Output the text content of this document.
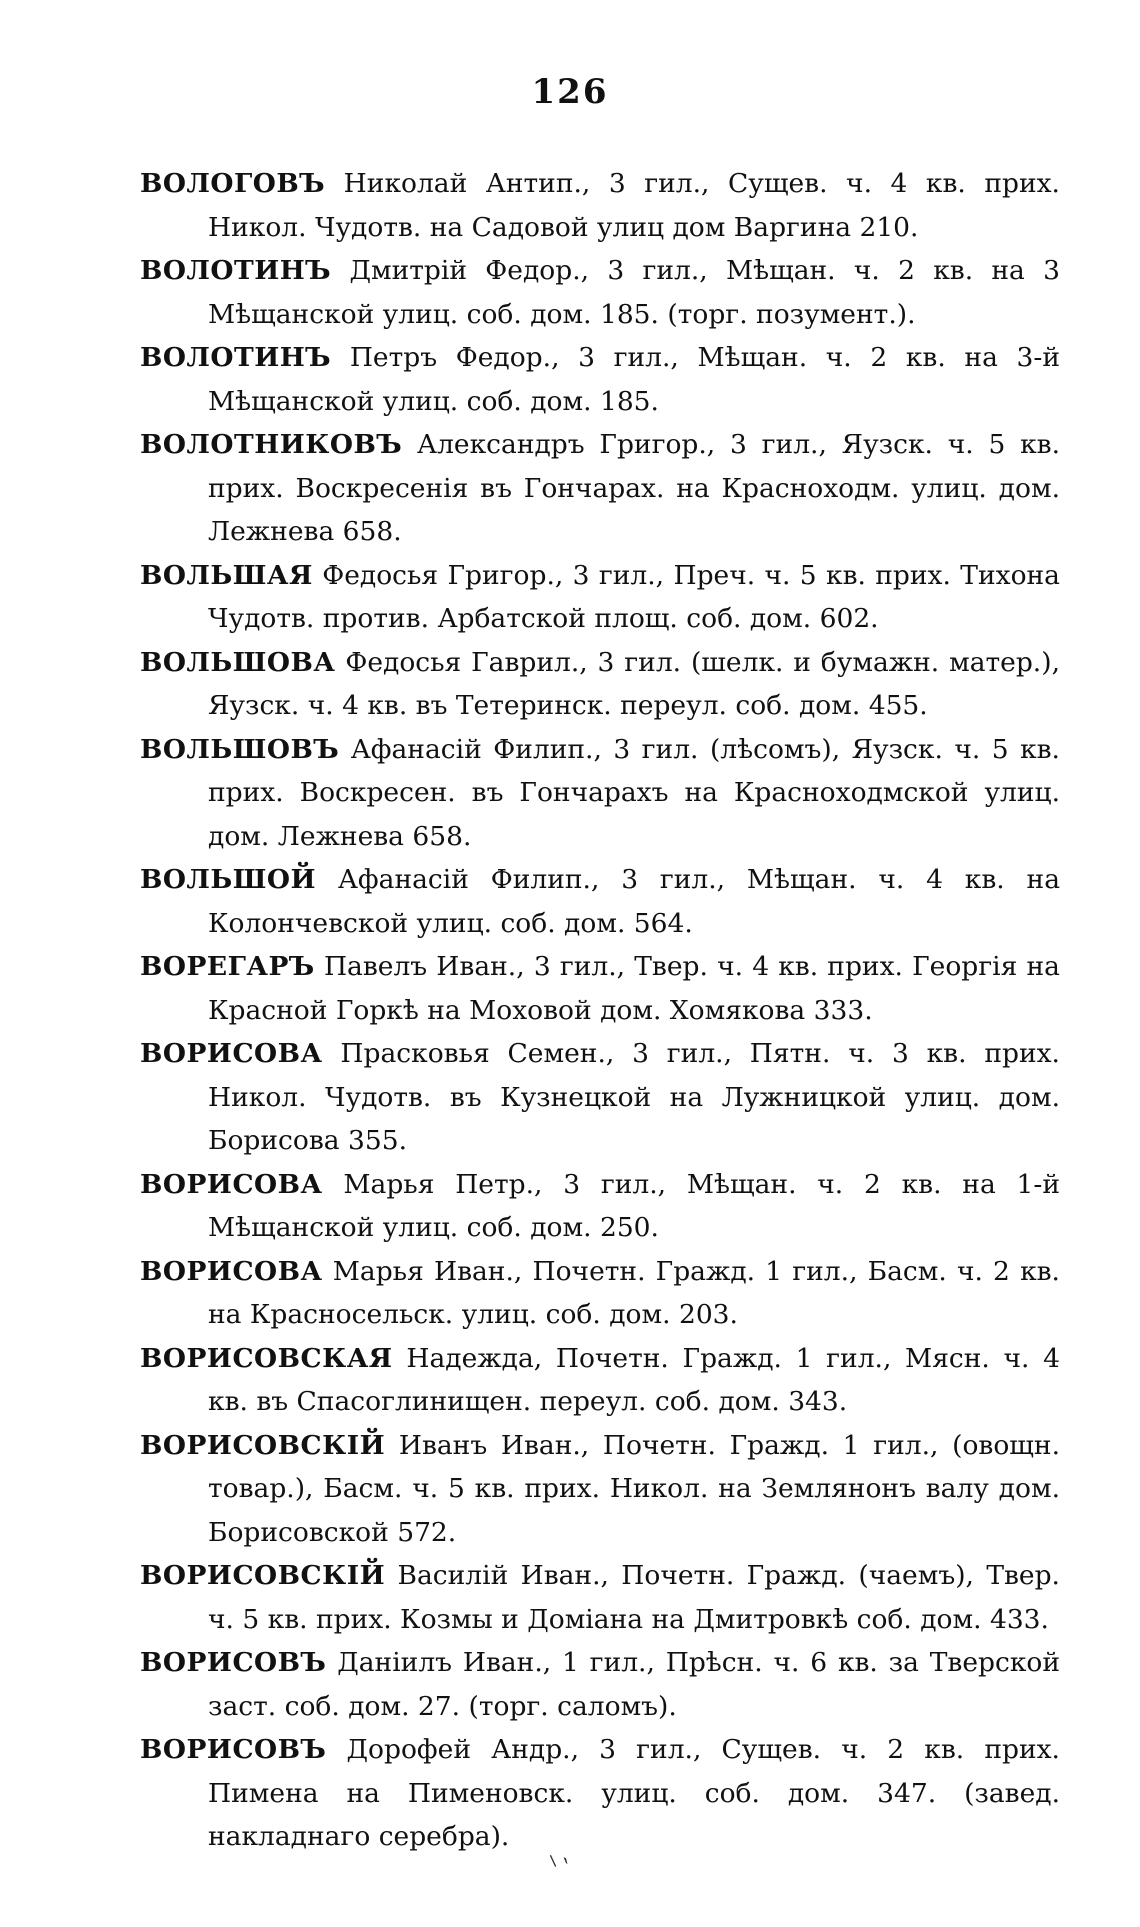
126

ВОЛОГОВЪ Николай Антип., 3 гил., Сущев. ч. 4 кв. прих. Никол. Чудотв. на Садовой улиц дом Варгина 210.

ВОЛОТИНЪ Дмитрій Федор., 3 гил., Мѣщан. ч. 2 кв. на 3 Мѣщанской улиц. соб. дом. 185. (торг. позумент.).

ВОЛОТИНЪ Петръ Федор., 3 гил., Мѣщан. ч. 2 кв. на 3-й Мѣщанской улиц. соб. дом. 185.

ВОЛОТНИКОВЪ Александръ Григор., 3 гил., Яузск. ч. 5 кв. прих. Воскресенія въ Гончарах. на Красноходм. улиц. дом. Лежнева 658.

ВОЛЬШАЯ Федосья Григор., 3 гил., Преч. ч. 5 кв. прих. Тихона Чудотв. против. Арбатской площ. соб. дом. 602.

ВОЛЬШОВА Федосья Гаврил., 3 гил. (шелк. и бумажн. матер.), Яузск. ч. 4 кв. въ Тетеринск. переул. соб. дом. 455.

ВОЛЬШОВЪ Афанасій Филип., 3 гил. (лѣсомъ), Яузск. ч. 5 кв. прих. Воскресен. въ Гончарахъ на Красноходмской улиц. дом. Лежнева 658.

ВОЛЬШОЙ Афанасій Филип., 3 гил., Мѣщан. ч. 4 кв. на Колончевской улиц. соб. дом. 564.

ВОРЕГАРЪ Павелъ Иван., 3 гил., Твер. ч. 4 кв. прих. Георгія на Красной Горкѣ на Моховой дом. Хомякова 333.

ВОРИСОВА Прасковья Семен., 3 гил., Пятн. ч. 3 кв. прих. Никол. Чудотв. въ Кузнецкой на Лужницкой улиц. дом. Борисова 355.

ВОРИСОВА Марья Петр., 3 гил., Мѣщан. ч. 2 кв. на 1-й Мѣщанской улиц. соб. дом. 250.

ВОРИСОВА Марья Иван., Почетн. Гражд. 1 гил., Басм. ч. 2 кв. на Красносельск. улиц. соб. дом. 203.

ВОРИСОВСКАЯ Надежда, Почетн. Гражд. 1 гил., Мясн. ч. 4 кв. въ Спасоглинищен. переул. соб. дом. 343.

ВОРИСОВСКІЙ Иванъ Иван., Почетн. Гражд. 1 гил., (овощн. товар.), Басм. ч. 5 кв. прих. Никол. на Землянонъ валу дом. Борисовской 572.

ВОРИСОВСКІЙ Василій Иван., Почетн. Гражд. (чаемъ), Твер. ч. 5 кв. прих. Козмы и Доміана на Дмитровкѣ соб. дом. 433.

ВОРИСОВЪ Даніилъ Иван., 1 гил., Прѣсн. ч. 6 кв. за Тверской заст. соб. дом. 27. (торг. саломъ).

ВОРИСОВЪ Дорофей Андр., 3 гил., Сущев. ч. 2 кв. прих. Пимена на Пименовск. улиц. соб. дом. 347. (завед. накладнаго серебра).

⸌՝
